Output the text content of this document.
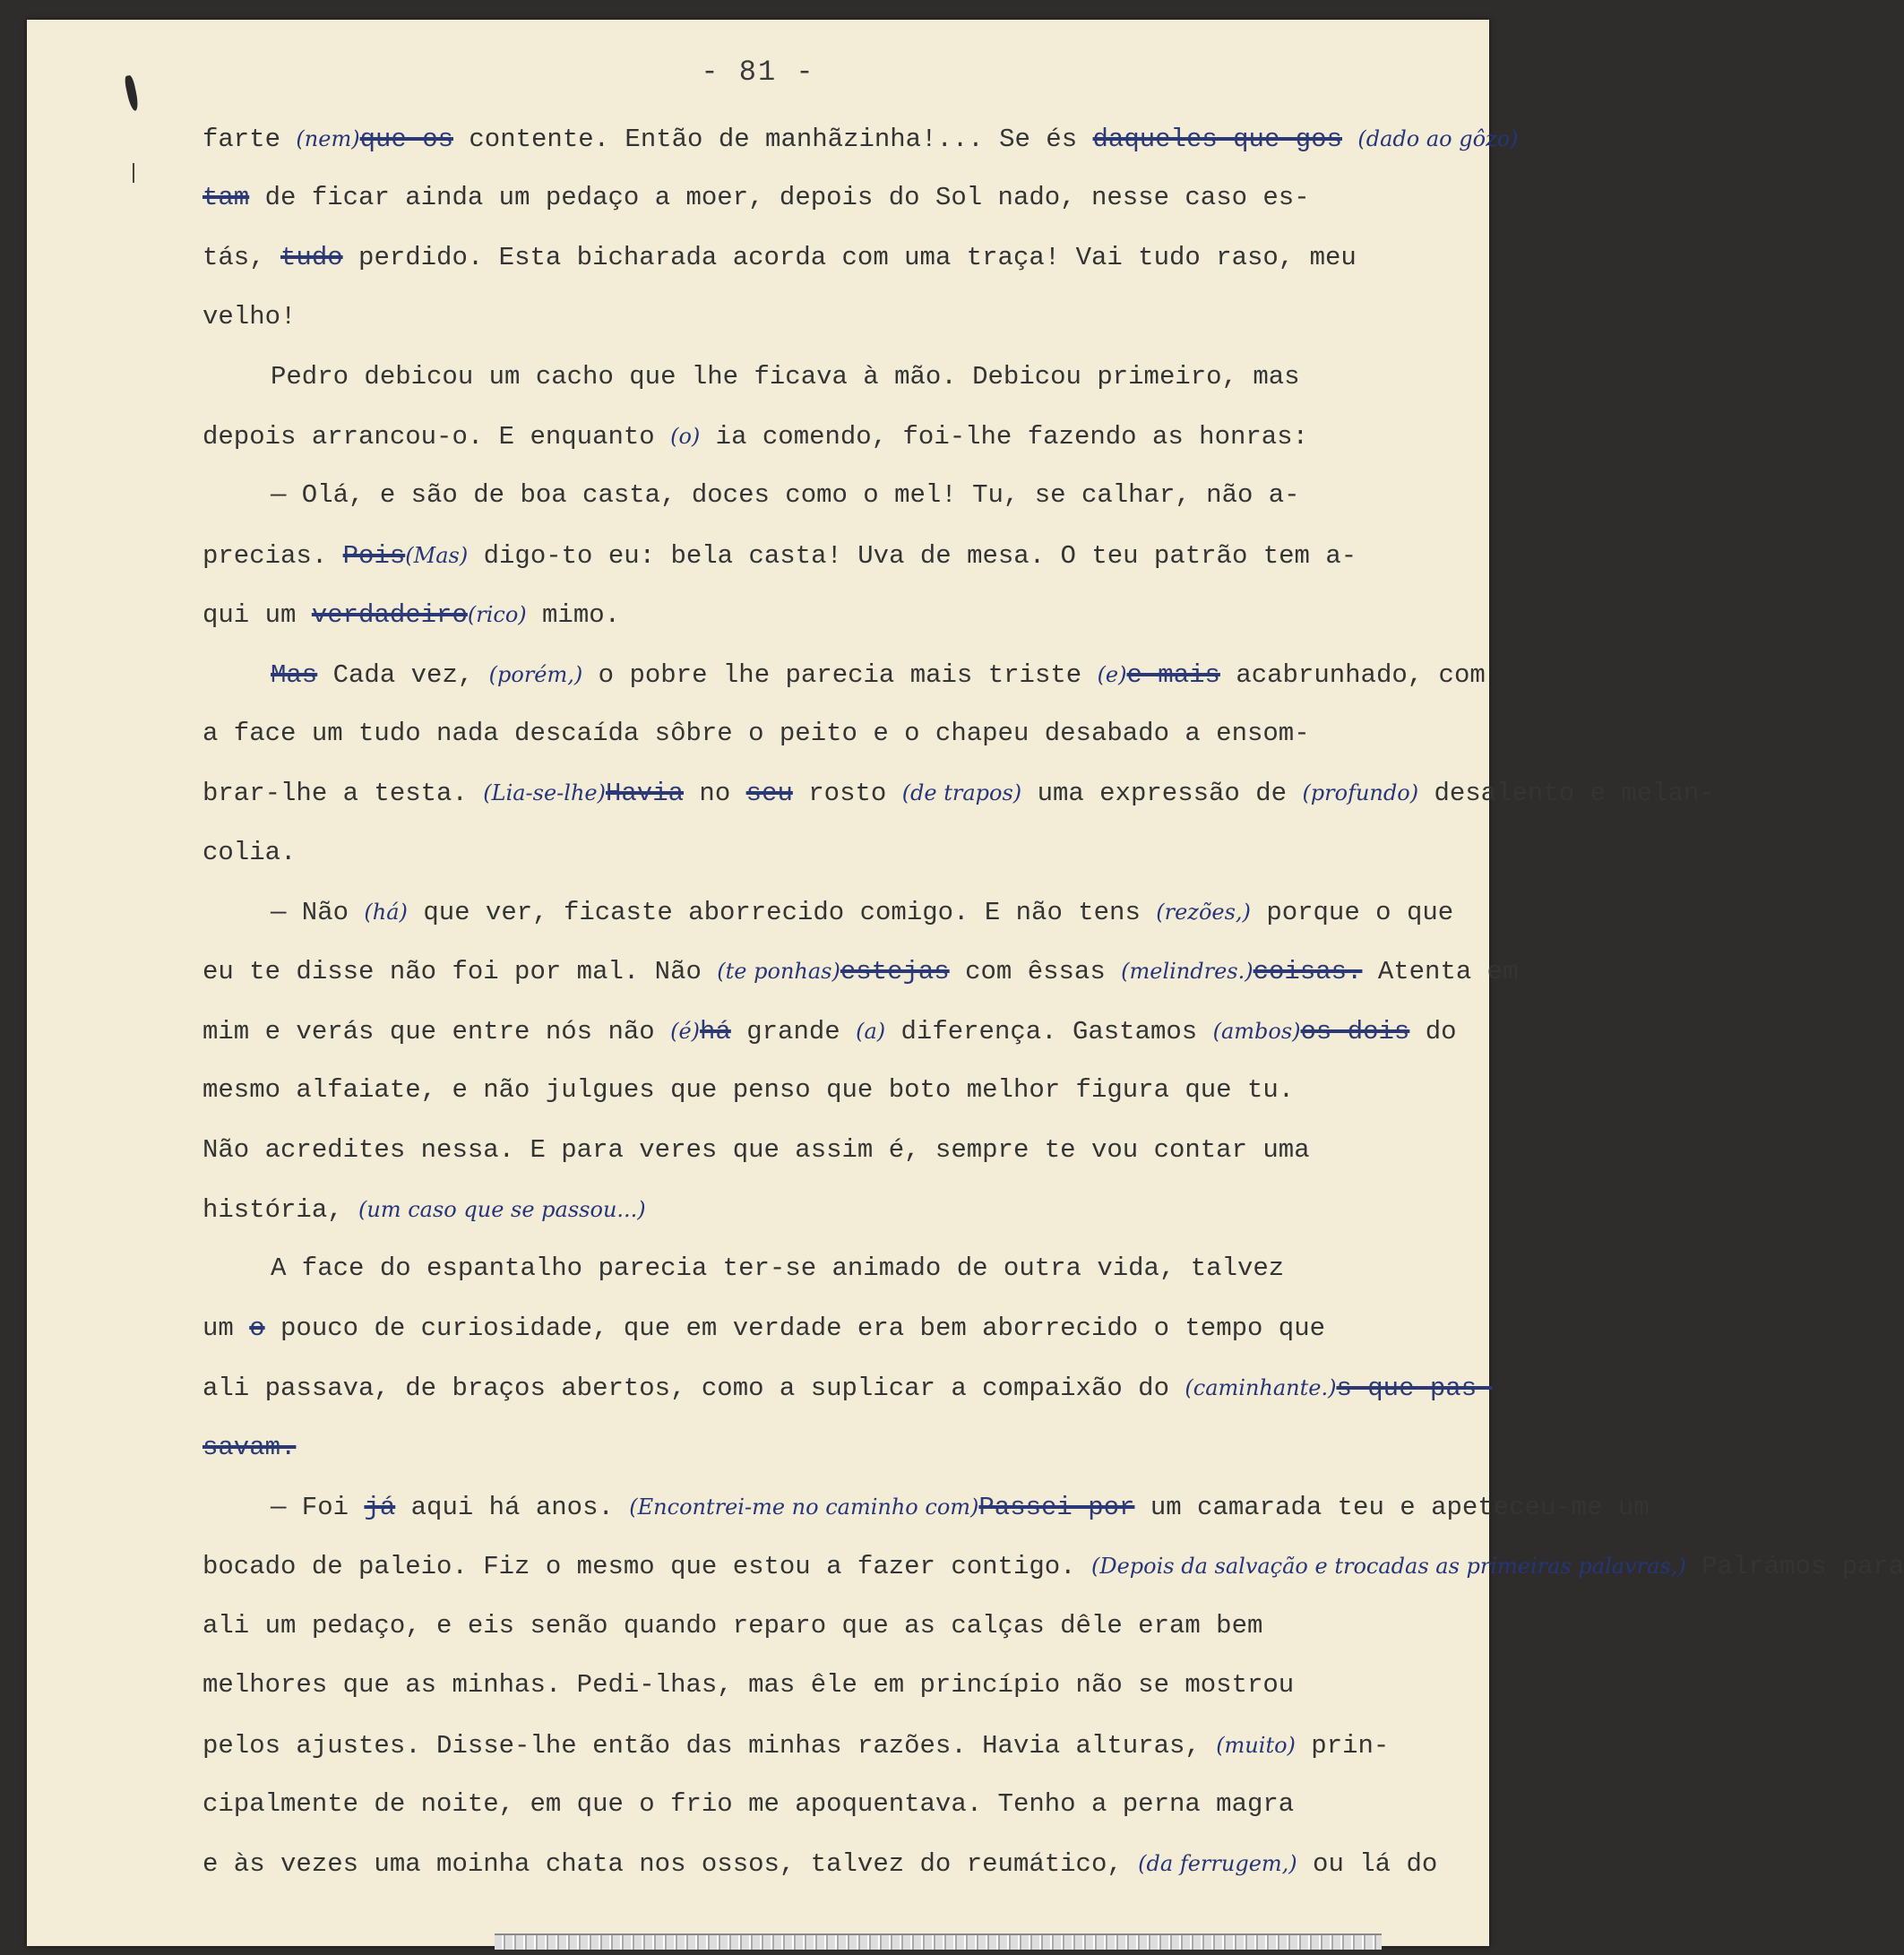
- 81 -
farte (nem)que os contente. Então de manhãzinha!... Se és daqueles que gos (dado ao gôzo)
tam de ficar ainda um pedaço a moer, depois do Sol nado, nesse caso es-
tás, tudo perdido. Esta bicharada acorda com uma traça! Vai tudo raso, meu
velho!
Pedro debicou um cacho que lhe ficava à mão. Debicou primeiro, mas
depois arrancou-o. E enquanto (o) ia comendo, foi-lhe fazendo as honras:
— Olá, e são de boa casta, doces como o mel! Tu, se calhar, não a-
precias. Pois(Mas) digo-to eu: bela casta! Uva de mesa. O teu patrão tem a-
qui um verdadeiro(rico) mimo.
Mas Cada vez, (porém,) o pobre lhe parecia mais triste (e)e mais acabrunhado, com
a face um tudo nada descaída sôbre o peito e o chapeu desabado a ensom-
brar-lhe a testa. (Lia-se-lhe)Havia no seu rosto (de trapos) uma expressão de (profundo) desalento e melan-
colia.
— Não (há) que ver, ficaste aborrecido comigo. E não tens (rezões,) porque o que
eu te disse não foi por mal. Não (te ponhas)estejas com êssas (melindres.)coisas. Atenta em
mim e verás que entre nós não (é)há grande (a) diferença. Gastamos (ambos)os dois do
mesmo alfaiate, e não julgues que penso que boto melhor figura que tu.
Não acredites nessa. E para veres que assim é, sempre te vou contar uma
história, (um caso que se passou...)
A face do espantalho parecia ter-se animado de outra vida, talvez
um o pouco de curiosidade, que em verdade era bem aborrecido o tempo que
ali passava, de braços abertos, como a suplicar a compaixão do (caminhante.)s que pas-
savam.
— Foi já aqui há anos. (Encontrei-me no caminho com)Passei por um camarada teu e apeteceu-me um
bocado de paleio. Fiz o mesmo que estou a fazer contigo. (Depois da salvação e trocadas as primeiras palavras,) Palrámos para
ali um pedaço, e eis senão quando reparo que as calças dêle eram bem
melhores que as minhas. Pedi-lhas, mas êle em princípio não se mostrou
pelos ajustes. Disse-lhe então das minhas razões. Havia alturas, (muito) prin-
cipalmente de noite, em que o frio me apoquentava. Tenho a perna magra
e às vezes uma moinha chata nos ossos, talvez do reumático, (da ferrugem,) ou lá do
